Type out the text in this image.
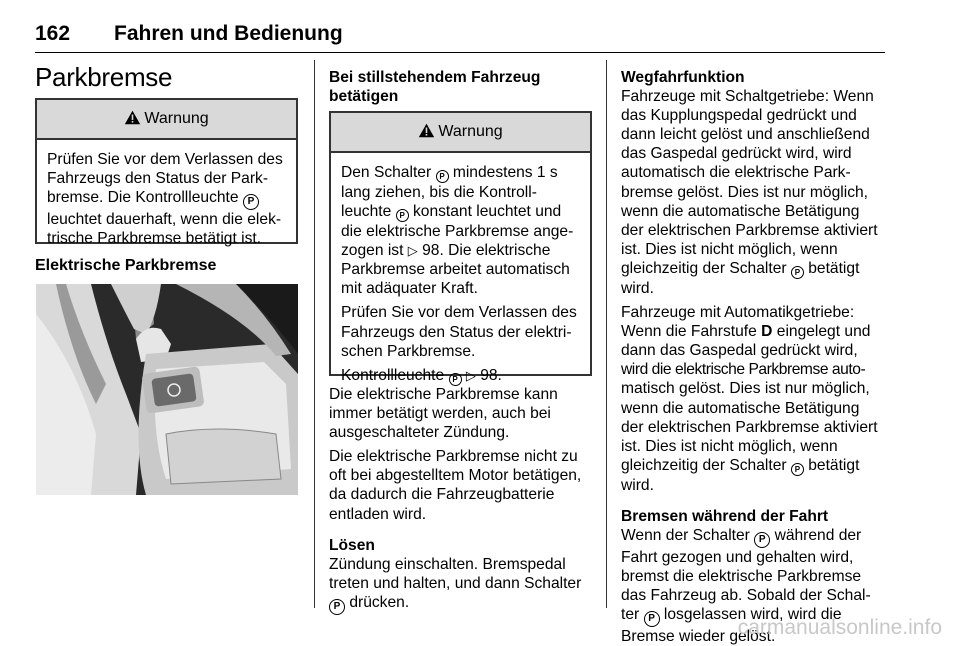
162 Fahren und Bedienung
Parkbremse
Warnung

Prüfen Sie vor dem Verlassen des
Fahrzeugs den Status der Park-
bremse. Die Kontrollleuchte P
leuchtet dauerhaft, wenn die elek-
trische Parkbremse betätigt ist.

Elektrische Parkbremse
Bei stillstehendem Fahrzeug
betätigen
Warnung

Den Schalter P mindestens 1 s
lang ziehen, bis die Kontroll-
leuchte P konstant leuchtet und
die elektrische Parkbremse ange-
zogen ist ▷ 98. Die elektrische
Parkbremse arbeitet automatisch
mit adäquater Kraft.

Prüfen Sie vor dem Verlassen des
Fahrzeugs den Status der elektri-
schen Parkbremse.

Kontrollleuchte P ▷ 98.

Die elektrische Parkbremse kann
immer betätigt werden, auch bei
ausgeschalteter Zündung.

Die elektrische Parkbremse nicht zu
oft bei abgestelltem Motor betätigen,
da dadurch die Fahrzeugbatterie
entladen wird.

Lösen

Zündung einschalten. Bremspedal
treten und halten, und dann Schalter
P drücken.

Wegfahrfunktion

Fahrzeuge mit Schaltgetriebe: Wenn
das Kupplungspedal gedrückt und
dann leicht gelöst und anschließend
das Gaspedal gedrückt wird, wird
automatisch die elektrische Park-
bremse gelöst. Dies ist nur möglich,
wenn die automatische Betätigung
der elektrischen Parkbremse aktiviert
ist. Dies ist nicht möglich, wenn
gleichzeitig der Schalter P betätigt
wird.

Fahrzeuge mit Automatikgetriebe:
Wenn die Fahrstufe D eingelegt und
dann das Gaspedal gedrückt wird,
wird die elektrische Parkbremse auto-
matisch gelöst. Dies ist nur möglich,
wenn die automatische Betätigung
der elektrischen Parkbremse aktiviert
ist. Dies ist nicht möglich, wenn
gleichzeitig der Schalter P betätigt
wird.

Bremsen während der Fahrt

Wenn der Schalter P während der
Fahrt gezogen und gehalten wird,
bremst die elektrische Parkbremse
das Fahrzeug ab. Sobald der Schal-
ter P losgelassen wird, wird die
Bremse wieder gelöst.

carmanualsonline.info
